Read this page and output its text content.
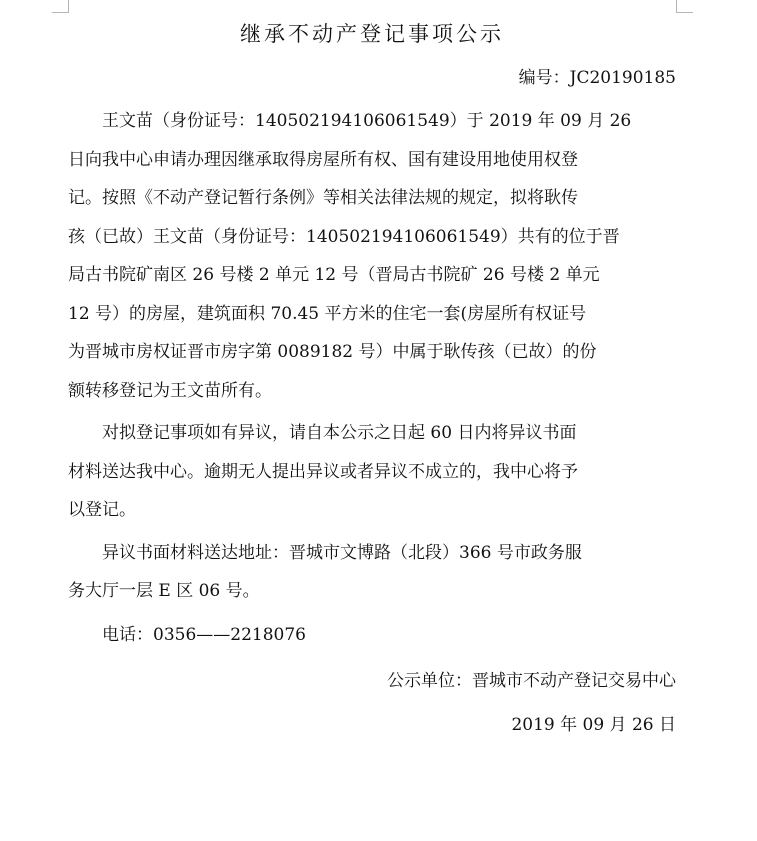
继承不动产登记事项公示

编号：JC20190185

王文苗（身份证号：140502194106061549）于 2019 年 09 月 26
日向我中心申请办理因继承取得房屋所有权、国有建设用地使用权登
记。按照《不动产登记暂行条例》等相关法律法规的规定，拟将耿传
孩（已故）王文苗（身份证号：140502194106061549）共有的位于晋
局古书院矿南区 26 号楼 2 单元 12 号（晋局古书院矿 26 号楼 2 单元
12 号）的房屋，建筑面积 70.45 平方米的住宅一套(房屋所有权证号
为晋城市房权证晋市房字第 0089182 号）中属于耿传孩（已故）的份
额转移登记为王文苗所有。

对拟登记事项如有异议，请自本公示之日起 60 日内将异议书面
材料送达我中心。逾期无人提出异议或者异议不成立的，我中心将予
以登记。

异议书面材料送达地址：晋城市文博路（北段）366 号市政务服
务大厅一层 E 区 06 号。

电话：0356——2218076

公示单位：晋城市不动产登记交易中心

2019 年 09 月 26 日
